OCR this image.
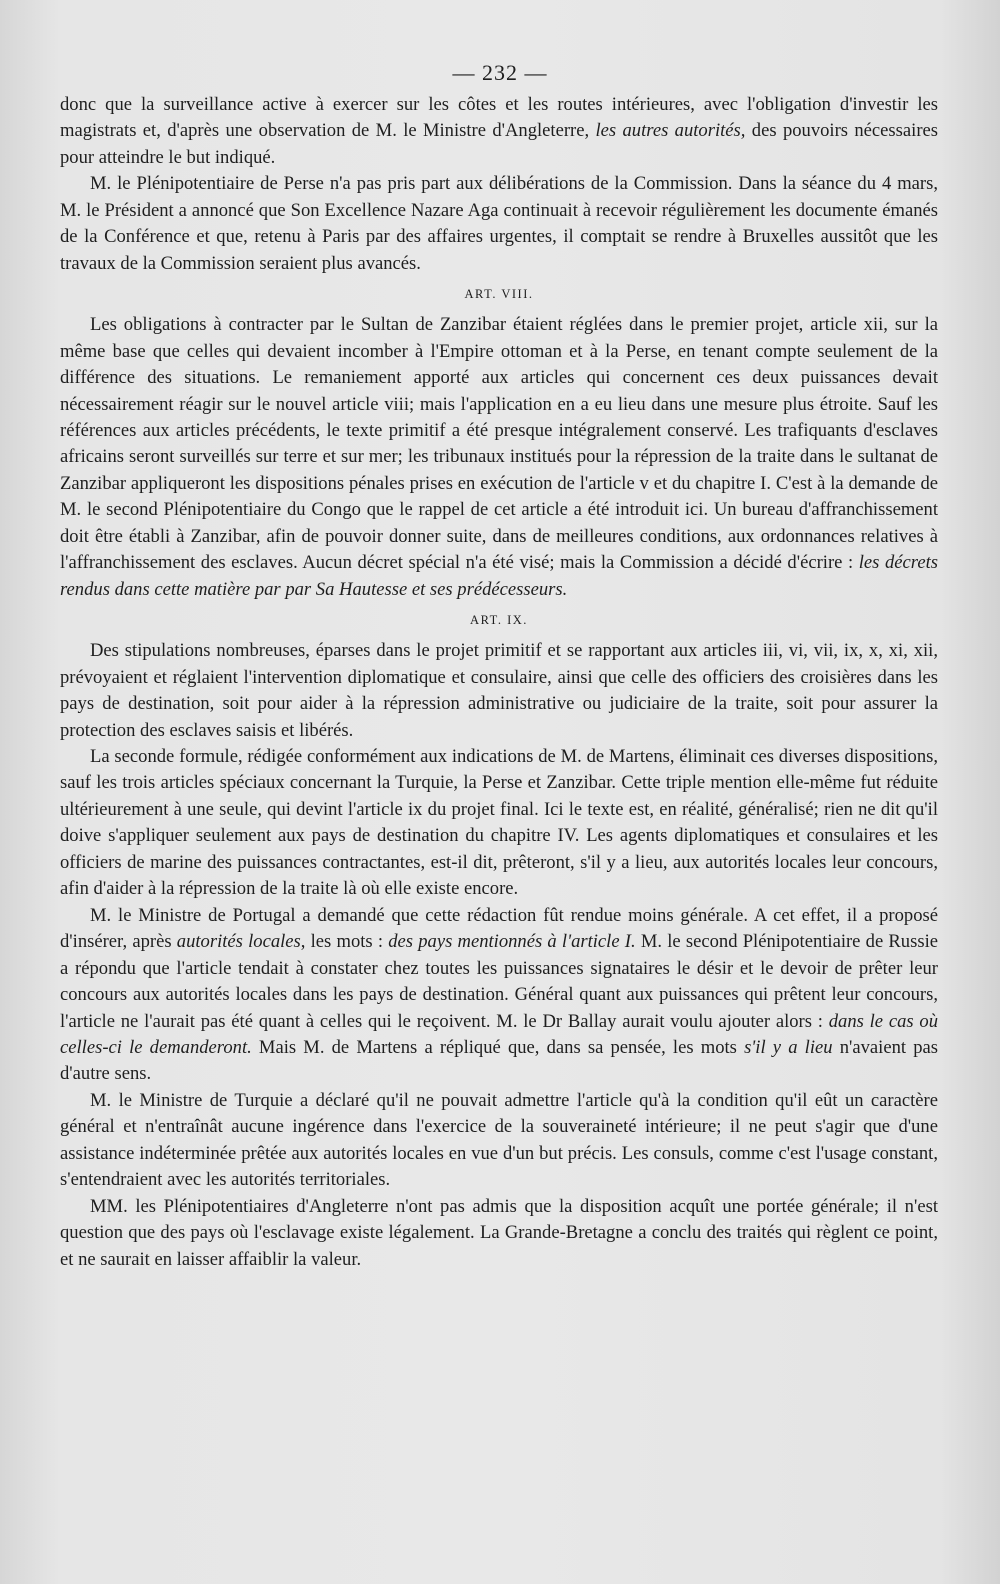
— 232 —

donc que la surveillance active à exercer sur les côtes et les routes intérieures, avec l'obligation d'investir les magistrats et, d'après une observation de M. le Ministre d'Angleterre, les autres autorités, des pouvoirs nécessaires pour atteindre le but indiqué.

M. le Plénipotentiaire de Perse n'a pas pris part aux délibérations de la Commission. Dans la séance du 4 mars, M. le Président a annoncé que Son Excellence Nazare Aga continuait à recevoir régulièrement les documente émanés de la Conférence et que, retenu à Paris par des affaires urgentes, il comptait se rendre à Bruxelles aussitôt que les travaux de la Commission seraient plus avancés.

ART. VIII.

Les obligations à contracter par le Sultan de Zanzibar étaient réglées dans le premier projet, article xii, sur la même base que celles qui devaient incomber à l'Empire ottoman et à la Perse, en tenant compte seulement de la différence des situations. Le remaniement apporté aux articles qui concernent ces deux puissances devait nécessairement réagir sur le nouvel article viii; mais l'application en a eu lieu dans une mesure plus étroite. Sauf les références aux articles précédents, le texte primitif a été presque intégralement conservé. Les trafiquants d'esclaves africains seront surveillés sur terre et sur mer; les tribunaux institués pour la répression de la traite dans le sultanat de Zanzibar appliqueront les dispositions pénales prises en exécution de l'article v et du chapitre I. C'est à la demande de M. le second Plénipotentiaire du Congo que le rappel de cet article a été introduit ici. Un bureau d'affranchissement doit être établi à Zanzibar, afin de pouvoir donner suite, dans de meilleures conditions, aux ordonnances relatives à l'affranchissement des esclaves. Aucun décret spécial n'a été visé; mais la Commission a décidé d'écrire : les décrets rendus dans cette matière par par Sa Hautesse et ses prédécesseurs.

ART. IX.

Des stipulations nombreuses, éparses dans le projet primitif et se rapportant aux articles iii, vi, vii, ix, x, xi, xii, prévoyaient et réglaient l'intervention diplomatique et consulaire, ainsi que celle des officiers des croisières dans les pays de destination, soit pour aider à la répression administrative ou judiciaire de la traite, soit pour assurer la protection des esclaves saisis et libérés.

La seconde formule, rédigée conformément aux indications de M. de Martens, éliminait ces diverses dispositions, sauf les trois articles spéciaux concernant la Turquie, la Perse et Zanzibar. Cette triple mention elle-même fut réduite ultérieurement à une seule, qui devint l'article ix du projet final. Ici le texte est, en réalité, généralisé; rien ne dit qu'il doive s'appliquer seulement aux pays de destination du chapitre IV. Les agents diplomatiques et consulaires et les officiers de marine des puissances contractantes, est-il dit, prêteront, s'il y a lieu, aux autorités locales leur concours, afin d'aider à la répression de la traite là où elle existe encore.

M. le Ministre de Portugal a demandé que cette rédaction fût rendue moins générale. A cet effet, il a proposé d'insérer, après autorités locales, les mots : des pays mentionnés à l'article I. M. le second Plénipotentiaire de Russie a répondu que l'article tendait à constater chez toutes les puissances signataires le désir et le devoir de prêter leur concours aux autorités locales dans les pays de destination. Général quant aux puissances qui prêtent leur concours, l'article ne l'aurait pas été quant à celles qui le reçoivent. M. le Dr Ballay aurait voulu ajouter alors : dans le cas où celles-ci le demanderont. Mais M. de Martens a répliqué que, dans sa pensée, les mots s'il y a lieu n'avaient pas d'autre sens.

M. le Ministre de Turquie a déclaré qu'il ne pouvait admettre l'article qu'à la condition qu'il eût un caractère général et n'entraînât aucune ingérence dans l'exercice de la souveraineté intérieure; il ne peut s'agir que d'une assistance indéterminée prêtée aux autorités locales en vue d'un but précis. Les consuls, comme c'est l'usage constant, s'entendraient avec les autorités territoriales.

MM. les Plénipotentiaires d'Angleterre n'ont pas admis que la disposition acquît une portée générale; il n'est question que des pays où l'esclavage existe légalement. La Grande-Bretagne a conclu des traités qui règlent ce point, et ne saurait en laisser affaiblir la valeur.
